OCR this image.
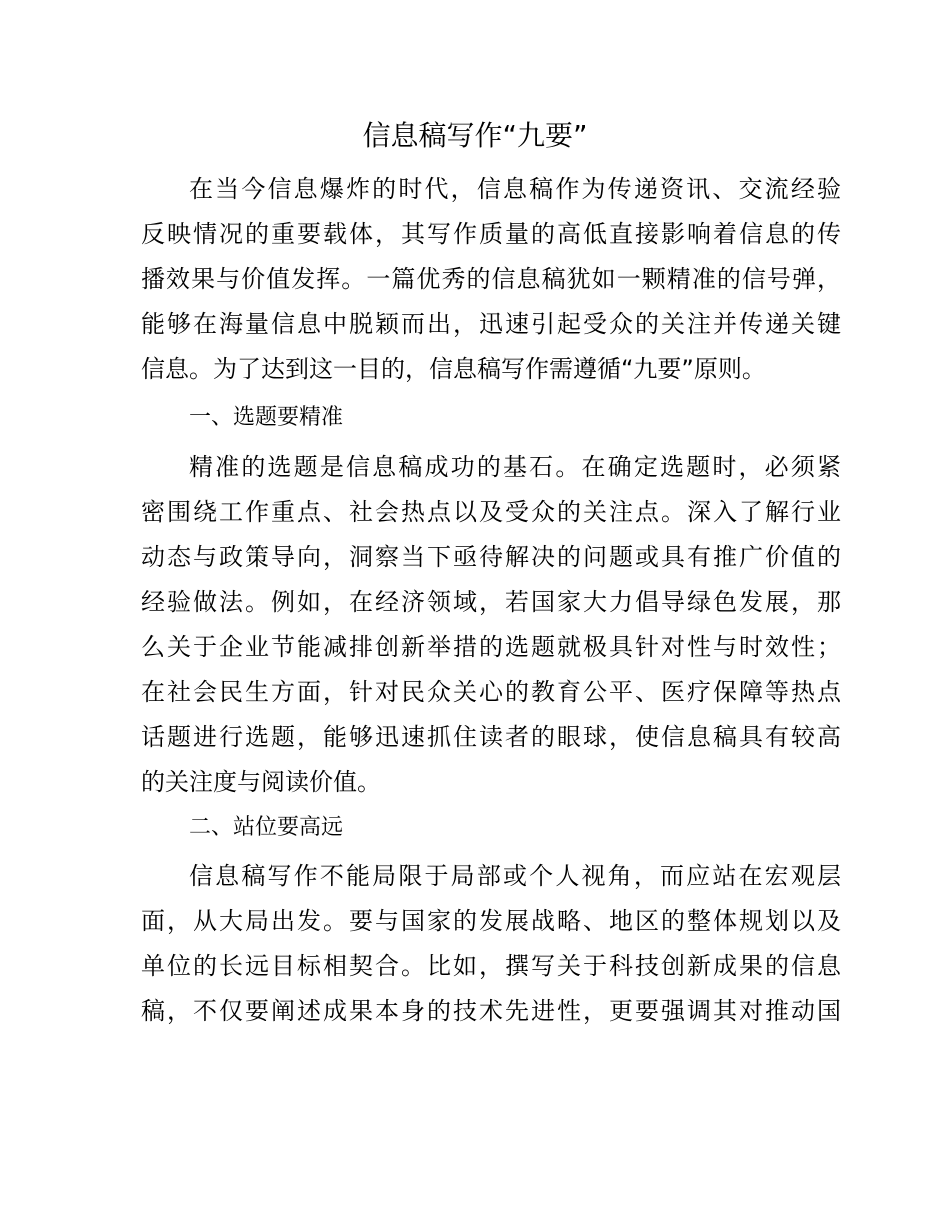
信息稿写作“九要”
在当今信息爆炸的时代，信息稿作为传递资讯、交流经验
反映情况的重要载体，其写作质量的高低直接影响着信息的传
播效果与价值发挥。一篇优秀的信息稿犹如一颗精准的信号弹，
能够在海量信息中脱颖而出，迅速引起受众的关注并传递关键
信息。为了达到这一目的，信息稿写作需遵循“九要”原则。
一、选题要精准
精准的选题是信息稿成功的基石。在确定选题时，必须紧
密围绕工作重点、社会热点以及受众的关注点。深入了解行业
动态与政策导向，洞察当下亟待解决的问题或具有推广价值的
经验做法。例如，在经济领域，若国家大力倡导绿色发展，那
么关于企业节能减排创新举措的选题就极具针对性与时效性；
在社会民生方面，针对民众关心的教育公平、医疗保障等热点
话题进行选题，能够迅速抓住读者的眼球，使信息稿具有较高
的关注度与阅读价值。
二、站位要高远
信息稿写作不能局限于局部或个人视角，而应站在宏观层
面，从大局出发。要与国家的发展战略、地区的整体规划以及
单位的长远目标相契合。比如，撰写关于科技创新成果的信息
稿，不仅要阐述成果本身的技术先进性，更要强调其对推动国
